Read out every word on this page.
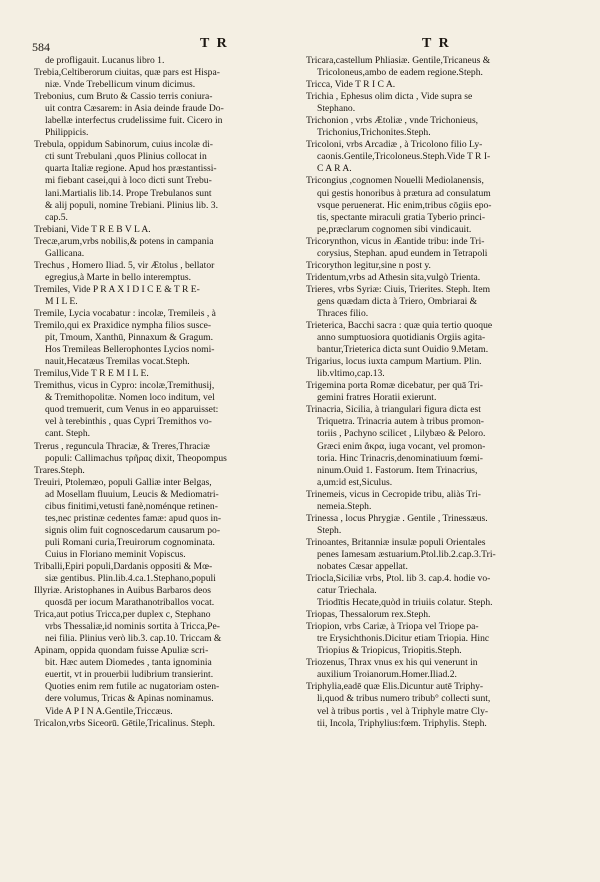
584	T R	T R
de profligauit. Lucanus libro 1.
Trebia,Celtiberorum ciuitas, quæ pars est Hispa-
niæ. Vnde Trebellicum vinum dicimus.
Trebonius, cum Bruto & Cassio terris coniura-
uit contra Cæsarem: in Asia deinde fraude Do-
labellæ interfectus crudelissime fuit. Cicero in
Philippicis.
Trebula, oppidum Sabinorum, cuius incolæ di-
cti sunt Trebulani ,quos Plinius collocat in
quarta Italiæ regione. Apud hos præstantissi-
mi fiebant casei,qui à loco dicti sunt Trebu-
lani.Martialis lib.14. Prope Trebulanos sunt
& alij populi, nomine Trebiani. Plinius lib. 3.
cap.5.
Trebiani, Vide T R E B V L A.
Trecæ,arum,vrbs nobilis,& potens in campania
Gallicana.
Trechus , Homero Iliad. 5, vir Ætolus , bellator
egregius,à Marte in bello interemptus.
Tremiles, Vide P R A X I D I C E & T R E-
M I L E.
Tremile, Lycia vocabatur : incolæ, Tremileis , à
Tremilo,qui ex Praxidice nympha filios susce-
pit, Tmoum, Xanthū, Pinnaxum & Gragum.
Hos Tremileas Bellerophontes Lycios nomi-
nauit,Hecatæus Tremilas vocat.Steph.
Tremilus,Vide T R E M I L E.
Tremithus, vicus in Cypro: incolæ,Tremithusij,
& Tremithopolitæ. Nomen loco inditum, vel
quod tremuerit, cum Venus in eo apparuisset:
vel à terebinthis , quas Cypri Tremithos vo-
cant. Steph.
Trerus , reguncula Thraciæ, & Treres,Thraciæ
populi: Callimachus τρῆρας dixit, Theopompus
Trares.Steph.
Treuiri, Ptolemæo, populi Galliæ inter Belgas,
ad Mosellam fluuium, Leucis & Mediomatri-
cibus finitimi,vetusti fanè,noménque retinen-
tes,nec pristinæ cedentes famæ: apud quos in-
signis olim fuit cognoscedarum causarum po-
puli Romani curia,Treuirorum cognominata.
Cuius in Floriano meminit Vopiscus.
Triballi,Epiri populi,Dardanis oppositi & Mœ-
siæ gentibus. Plin.lib.4.ca.1.Stephano,populi
Illyriæ. Aristophanes in Auibus Barbaros deos
quosdā per iocum Marathanotriballos vocat.
Trica,aut potius Tricca,per duplex c, Stephano
vrbs Thessaliæ,id nominis sortita à Tricca,Pe-
nei filia. Plinius verò lib.3. cap.10. Triccam &
Apinam, oppida quondam fuisse Apuliæ scri-
bit. Hæc autem Diomedes , tanta ignominia
euertit, vt in prouerbii ludibrium transierint.
Quoties enim rem futile ac nugatoriam osten-
dere volumus, Tricas & Apinas nominamus.
Vide A P I N A.Gentile,Triccæus.
Tricalon,vrbs Siceorū. Gētile,Tricalinus. Steph.
Tricara,castellum Phliasiæ. Gentile,Tricaneus &
Tricoloneus,ambo de eadem regione.Steph.
Tricca, Vide T R I C A.
Trichia , Ephesus olim dicta , Vide supra se
Stephano.
Trichonion , vrbs Ætoliæ , vnde Trichonieus,
Trichonius,Trichonites.Steph.
Tricoloni, vrbs Arcadiæ , à Tricolono filio Ly-
caonis.Gentile,Tricoloneus.Steph.Vide T R I-
C A R A.
Tricongius ,cognomen Nouelli Mediolanensis,
qui gestis honoribus à prætura ad consulatum
vsque peruenerat. Hic enim,tribus cōgiis epo-
tis, spectante miraculi gratia Tyberio princi-
pe,præclarum cognomen sibi vindicauit.
Tricorynthon, vicus in Æantide tribu: inde Tri-
corysius, Stephan. apud eundem in Tetrapoli
Tricorython legitur,sine n post y.
Tridentum,vrbs ad Athesin sita,vulgò Trienta.
Trieres, vrbs Syriæ: Ciuis, Trierites. Steph. Item
gens quædam dicta à Triero, Ombriarai &
Thraces filio.
Trieterica, Bacchi sacra : quæ quia tertio quoque
anno sumptuosiora quotidianis Orgiis agita-
bantur,Trieterica dicta sunt Ouidio 9.Metam.
Trigarius, locus iuxta campum Martium. Plin.
lib.vltimo,cap.13.
Trigemina porta Romæ dicebatur, per quā Tri-
gemini fratres Horatii exierunt.
Trinacria, Sicilia, à triangulari figura dicta est
Triquetra. Trinacria autem à tribus promon-
toriis , Pachyno scilicet , Lilybæo & Peloro.
Græci enim ἄκρα, iuga vocant, vel promon-
toria. Hinc Trinacris,denominatiuum fœmi-
ninum.Ouid 1. Fastorum. Item Trinacrius,
a,um:id est,Siculus.
Trinemeis, vicus in Cecropide tribu, aliàs Tri-
nemeia.Steph.
Trinessa , locus Phrygiæ . Gentile , Trinessæus.
Steph.
Trinoantes, Britanniæ insulæ populi Orientales
penes Iamesam æstuarium.Ptol.lib.2.cap.3.Tri-
nobates Cæsar appellat.
Triocla,Siciliæ vrbs, Ptol. lib 3. cap.4. hodie vo-
catur Triechala.
Triodītis Hecate,quòd in triuiis colatur. Steph.
Triopas, Thessalorum rex.Steph.
Triopion, vrbs Cariæ, à Triopa vel Triope pa-
tre Erysichthonis.Dicitur etiam Triopia. Hinc
Triopius & Triopicus, Triopitis.Steph.
Triozenus, Thrax vnus ex his qui venerunt in
auxilium Troianorum.Homer.Iliad.2.
Triphylia,eadē quæ Elis.Dicuntur autē Triphy-
li,quod & tribus numero tribub° collecti sunt,
vel à tribus portis , vel à Triphyle matre Cly-
tii, Incola, Triphylius:fœm. Triphylis. Steph.
